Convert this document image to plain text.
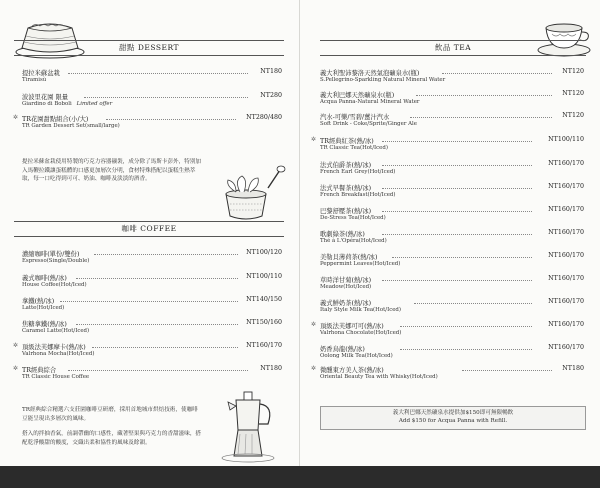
甜點 DESSERT
提拉米蘇盆栽
Tiramisù
NT180
波波里花園 限量
Giardino di Boboli Limited offer
NT280
✲ TR花園甜點組合(小/大)
TR Garden Dessert Set(small/large)
NT280/480
提拉米蘇盆栽使用特製的巧克力容器襯裝，成分除了馬斯卡彭外，特別加入馬鞭拉鐵讓蛋糕體的口感更加層次分明，食材特殊搭配以蛋糕生熱萃取，每一口吃得到可可、奶油、咖啡及淡淡的酒香。
咖啡 COFFEE
濃縮咖啡(單份/雙份)
Espresso(Single/Double)
NT100/120
義式咖啡(熱/冰)
House Coffee(Hot/Iced)
NT100/110
拿鐵(熱/冰)
Latte(Hot/Iced)
NT140/150
焦糖拿鐵(熱/冰)
Caramel Latte(Hot/Iced)
NT150/160
✲ 頂級法芙娜摩卡(熱/冰)
Valrhona Mocha(Hot/Iced)
NT160/170
✲ TR經典綜合
TR Classic House Coffee
NT180
TR經典綜合精選六支莊園咖啡豆研磨，採用首地城市烘焙技術，使咖啡豆能呈現出多層次的風味。
搭入的拌抽香氣，前調帶幽的口感性，藏著堅果與巧克力的香甜滋味，搭配乾淨酸甜的酸度，交織出柔和協性的風味及餘韻。
飲品 TEA
義大利聖沛黎洛天然氣泡礦泉水(瓶)
S.Pellegrino-Sparkling Natural Mineral Water
NT120
義大利巴娜天然礦泉水(瓶)
Acqua Panna-Natural Mineral Water
NT120
汽水-可樂/雪碧/薑汁汽水
Soft Drink - Coke/Sprite/Ginger Ale
NT120
✲ TR經典紅茶(熱/冰)
TR Classic Tea(Hot/Iced)
NT100/110
法式伯爵茶(熱/冰)
French Earl Grey(Hot/Iced)
NT160/170
法式早餐茶(熱/冰)
French Breakfast(Hot/Iced)
NT160/170
巴黎舒壓茶(熱/冰)
De-Stress Tea(Hot/Iced)
NT160/170
歌劇綠茶(熱/冰)
Thé à L'Opéra(Hot/Iced)
NT160/170
美勒貝薄荷茶(熱/冰)
Peppermint Leaves(Hot/Iced)
NT160/170
草時洋甘菊(熱/冰)
Meadow(Hot/Iced)
NT160/170
義式鮮奶茶(熱/冰)
Italy Style Milk Tea(Hot/Iced)
NT160/170
✲ 頂級法芙娜可可(熱/冰)
Valrhona Chocolate(Hot/Iced)
NT160/170
奶香烏龍(熱/冰)
Oolong Milk Tea(Hot/Iced)
NT160/170
✲ 微醺東方美人茶(熱/冰)
Oriental Beauty Tea with Whisky(Hot/Iced)
NT180
義大利巴娜天然礦泉水提供加$150即可無限暢飲
Add $150 for Acqua Panna with Refill.
